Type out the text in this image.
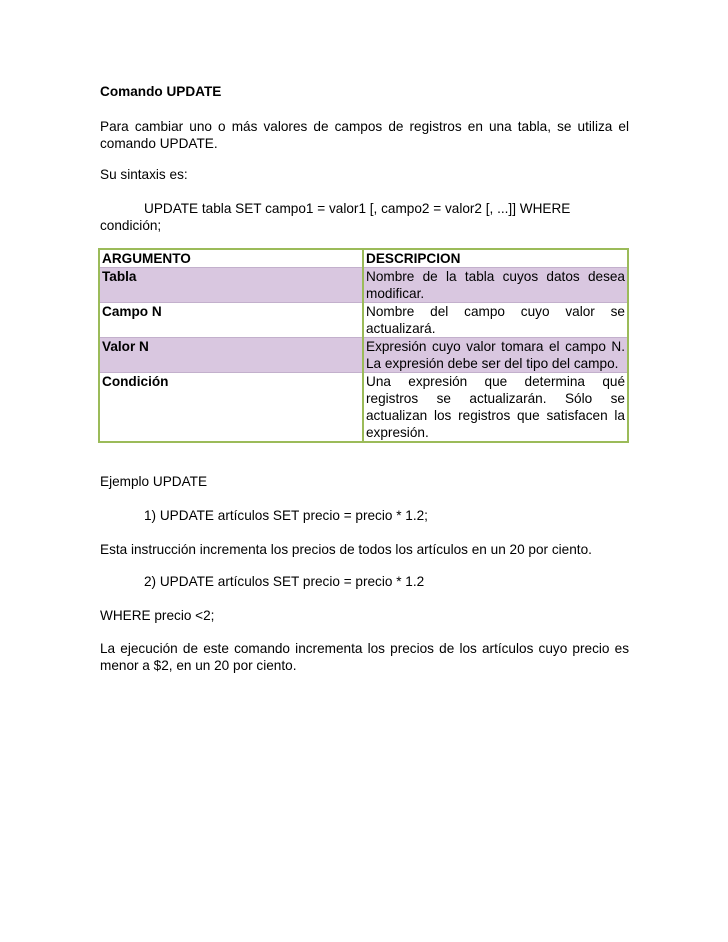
Comando UPDATE

Para cambiar uno o más valores de campos de registros en una tabla, se utiliza el comando UPDATE.

Su sintaxis es:

UPDATE tabla SET campo1 = valor1 [, campo2 = valor2 [, ...]] WHERE
condición;

ARGUMENTO	DESCRIPCION
Tabla	Nombre de la tabla cuyos datos desea modificar.
Campo N	Nombre del campo cuyo valor se actualizará.
Valor N	Expresión cuyo valor tomara el campo N. La expresión debe ser del tipo del campo.
Condición	Una expresión que determina qué registros se actualizarán. Sólo se actualizan los registros que satisfacen la expresión.

Ejemplo UPDATE

1) UPDATE artículos SET precio = precio * 1.2;

Esta instrucción incrementa los precios de todos los artículos en un 20 por ciento.

2) UPDATE artículos SET precio = precio * 1.2

WHERE precio <2;

La ejecución de este comando incrementa los precios de los artículos cuyo precio es menor a $2, en un 20 por ciento.
